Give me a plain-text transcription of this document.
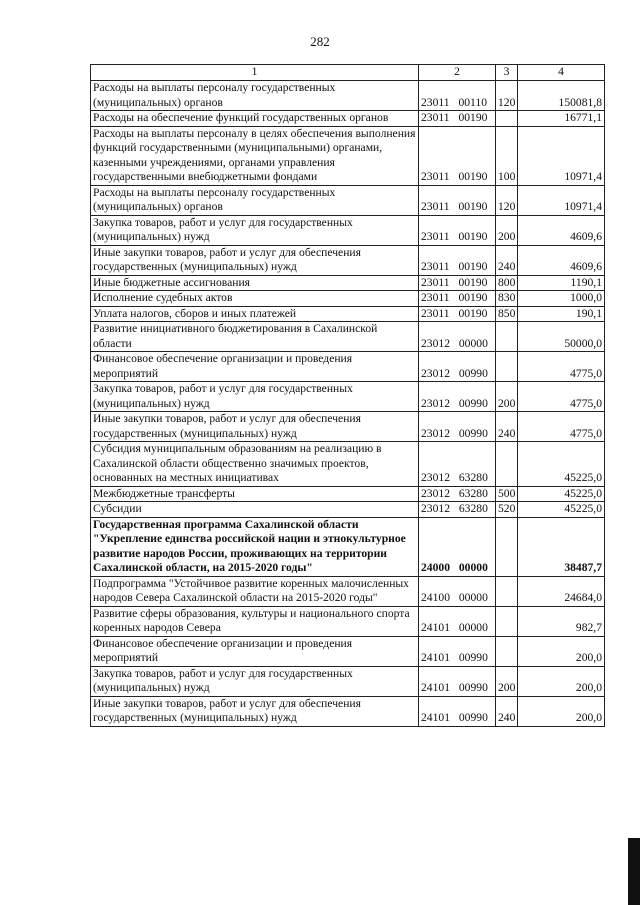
282
1	2	3	4
Расходы на выплаты персоналу государственных (муниципальных) органов	23011 00110	120	150081,8
Расходы на обеспечение функций государственных органов	23011 00190		16771,1
Расходы на выплаты персоналу в целях обеспечения выполнения функций государственными (муниципальными) органами, казенными учреждениями, органами управления государственными внебюджетными фондами	23011 00190	100	10971,4
Расходы на выплаты персоналу государственных (муниципальных) органов	23011 00190	120	10971,4
Закупка товаров, работ и услуг для государственных (муниципальных) нужд	23011 00190	200	4609,6
Иные закупки товаров, работ и услуг для обеспечения государственных (муниципальных) нужд	23011 00190	240	4609,6
Иные бюджетные ассигнования	23011 00190	800	1190,1
Исполнение судебных актов	23011 00190	830	1000,0
Уплата налогов, сборов и иных платежей	23011 00190	850	190,1
Развитие инициативного бюджетирования в Сахалинской области	23012 00000		50000,0
Финансовое обеспечение организации и проведения мероприятий	23012 00990		4775,0
Закупка товаров, работ и услуг для государственных (муниципальных) нужд	23012 00990	200	4775,0
Иные закупки товаров, работ и услуг для обеспечения государственных (муниципальных) нужд	23012 00990	240	4775,0
Субсидия муниципальным образованиям на реализацию в Сахалинской области общественно значимых проектов, основанных на местных инициативах	23012 63280		45225,0
Межбюджетные трансферты	23012 63280	500	45225,0
Субсидии	23012 63280	520	45225,0
Государственная программа Сахалинской области "Укрепление единства российской нации и этнокультурное развитие народов России, проживающих на территории Сахалинской области, на 2015-2020 годы"	24000 00000		38487,7
Подпрограмма "Устойчивое развитие коренных малочисленных народов Севера Сахалинской области на 2015-2020 годы"	24100 00000		24684,0
Развитие сферы образования, культуры и национального спорта коренных народов Севера	24101 00000		982,7
Финансовое обеспечение организации и проведения мероприятий	24101 00990		200,0
Закупка товаров, работ и услуг для государственных (муниципальных) нужд	24101 00990	200	200,0
Иные закупки товаров, работ и услуг для обеспечения государственных (муниципальных) нужд	24101 00990	240	200,0
